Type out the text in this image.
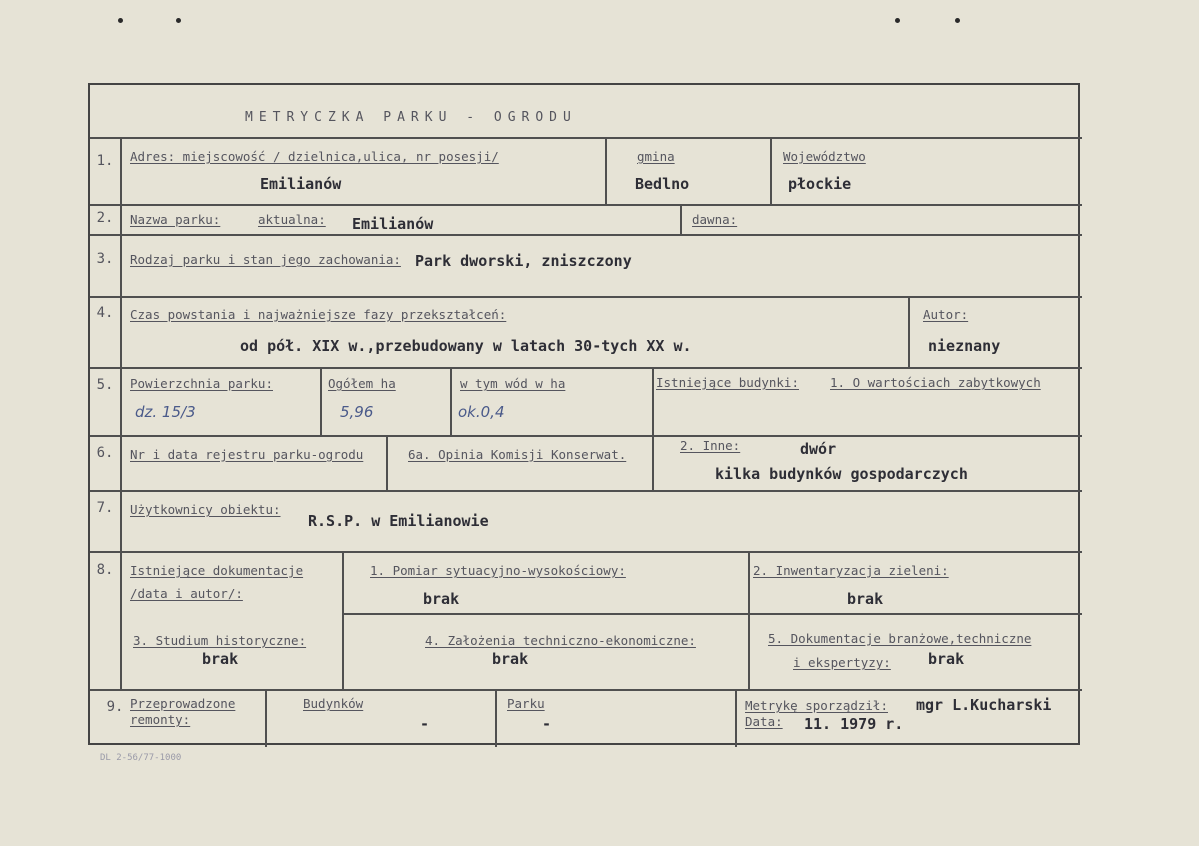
METRYCZKA PARKU - OGRODU
1.	Adres: miejscowość / dzielnica,ulica, nr posesji/
Emilianów
gmina
Bedlno
Województwo
płockie
2.	Nazwa parku:	aktualna: Emilianów	dawna:
3.	Rodzaj parku i stan jego zachowania: Park dworski, zniszczony
4.	Czas powstania i najważniejsze fazy przekształceń:
od pół. XIX w.,przebudowany w latach 30-tych XX w.
Autor:
nieznany
5.	Powierzchnia parku:
dz. 15/3
Ogółem ha
5,96
w tym wód w ha
ok.0,4
Istniejące budynki: 1. O wartościach zabytkowych
6.	Nr i data rejestru parku-ogrodu	6a. Opinia Komisji Konserwat.
2. Inne:	dwór
kilka budynków gospodarczych
7.	Użytkownicy obiektu:
R.S.P. w Emilianowie
8.	Istniejące dokumentacje
/data i autor/:
1. Pomiar sytuacyjno-wysokościowy:
brak
2. Inwentaryzacja zieleni:
brak
3. Studium historyczne:
brak
4. Założenia techniczno-ekonomiczne:
brak
5. Dokumentacje branżowe,techniczne
i ekspertyzy: brak
9. Przeprowadzone
remonty:
Budynków
-
Parku
-
Metrykę sporządził: mgr L.Kucharski
Data: 11. 1979 r.
DL 2-56/77-1000
